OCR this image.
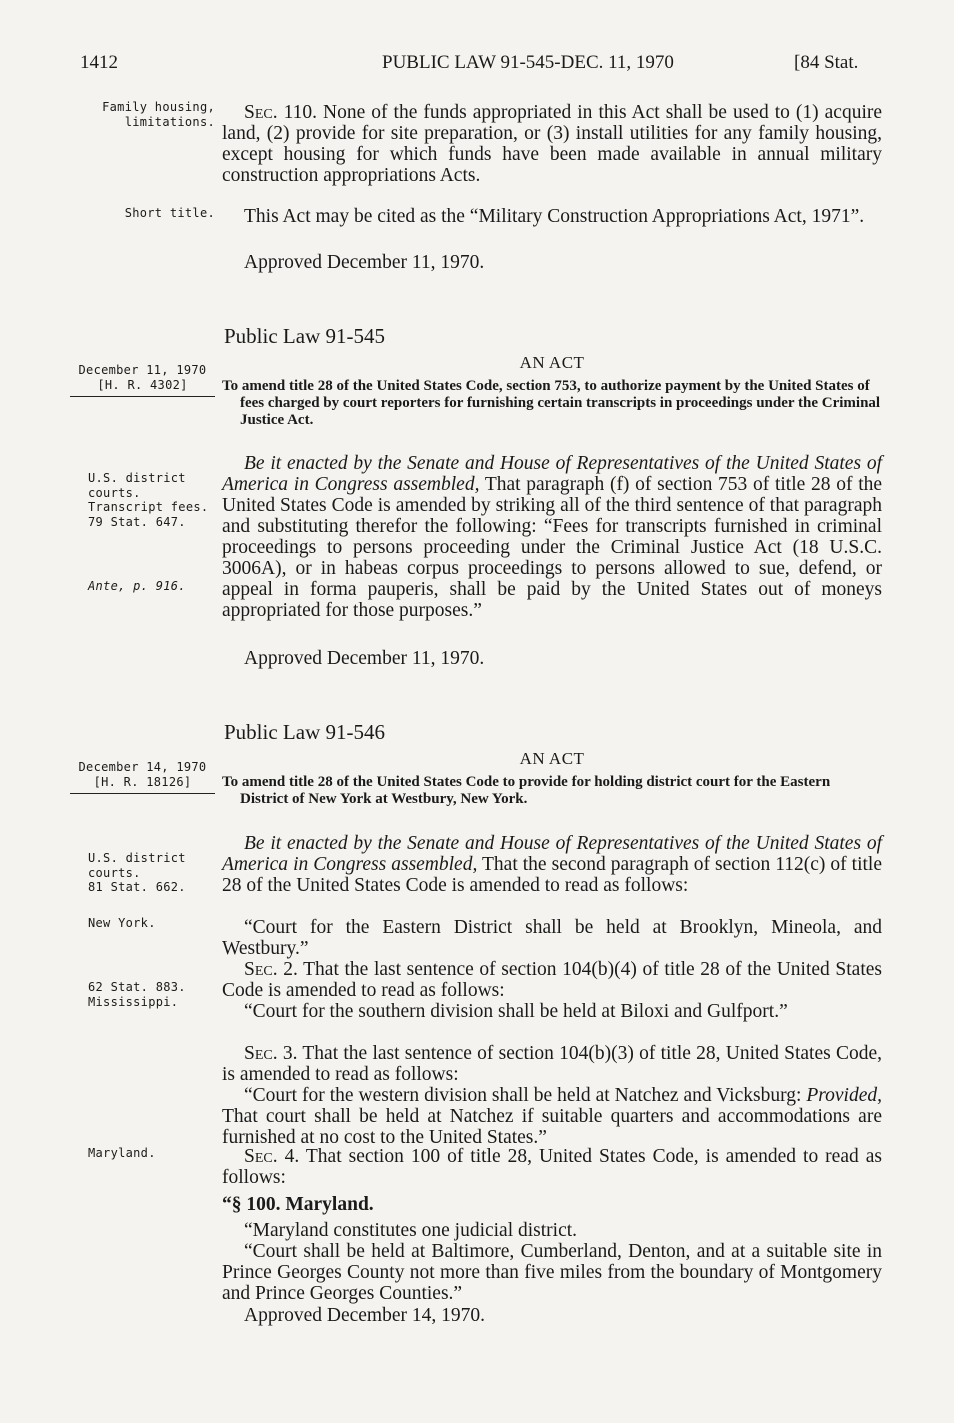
1412	PUBLIC LAW 91-545-DEC. 11, 1970	[84 Stat.
Family housing, limitations.
Short title.
December 11, 1970
[H. R. 4302]
U.S. district courts.
Transcript fees.
79 Stat. 647.
Ante, p. 916.
December 14, 1970
[H. R. 18126]
U.S. district courts.
81 Stat. 662.
New York.
62 Stat. 883.
Mississippi.
Maryland.
Sec. 110. None of the funds appropriated in this Act shall be used to (1) acquire land, (2) provide for site preparation, or (3) install utilities for any family housing, except housing for which funds have been made available in annual military construction appropriations Acts.
This Act may be cited as the “Military Construction Appropriations Act, 1971”.
Approved December 11, 1970.
Public Law 91-545
AN ACT
To amend title 28 of the United States Code, section 753, to authorize payment by the United States of fees charged by court reporters for furnishing certain transcripts in proceedings under the Criminal Justice Act.
Be it enacted by the Senate and House of Representatives of the United States of America in Congress assembled, That paragraph (f) of section 753 of title 28 of the United States Code is amended by striking all of the third sentence of that paragraph and substituting therefor the following: “Fees for transcripts furnished in criminal proceedings to persons proceeding under the Criminal Justice Act (18 U.S.C. 3006A), or in habeas corpus proceedings to persons allowed to sue, defend, or appeal in forma pauperis, shall be paid by the United States out of moneys appropriated for those purposes.”
Approved December 11, 1970.
Public Law 91-546
AN ACT
To amend title 28 of the United States Code to provide for holding district court for the Eastern District of New York at Westbury, New York.
Be it enacted by the Senate and House of Representatives of the United States of America in Congress assembled, That the second paragraph of section 112(c) of title 28 of the United States Code is amended to read as follows:
“Court for the Eastern District shall be held at Brooklyn, Mineola, and Westbury.”
Sec. 2. That the last sentence of section 104(b)(4) of title 28 of the United States Code is amended to read as follows:
“Court for the southern division shall be held at Biloxi and Gulfport.”
Sec. 3. That the last sentence of section 104(b)(3) of title 28, United States Code, is amended to read as follows:
“Court for the western division shall be held at Natchez and Vicksburg: Provided, That court shall be held at Natchez if suitable quarters and accommodations are furnished at no cost to the United States.”
Sec. 4. That section 100 of title 28, United States Code, is amended to read as follows:
“§ 100. Maryland.
“Maryland constitutes one judicial district.
“Court shall be held at Baltimore, Cumberland, Denton, and at a suitable site in Prince Georges County not more than five miles from the boundary of Montgomery and Prince Georges Counties.”
Approved December 14, 1970.
